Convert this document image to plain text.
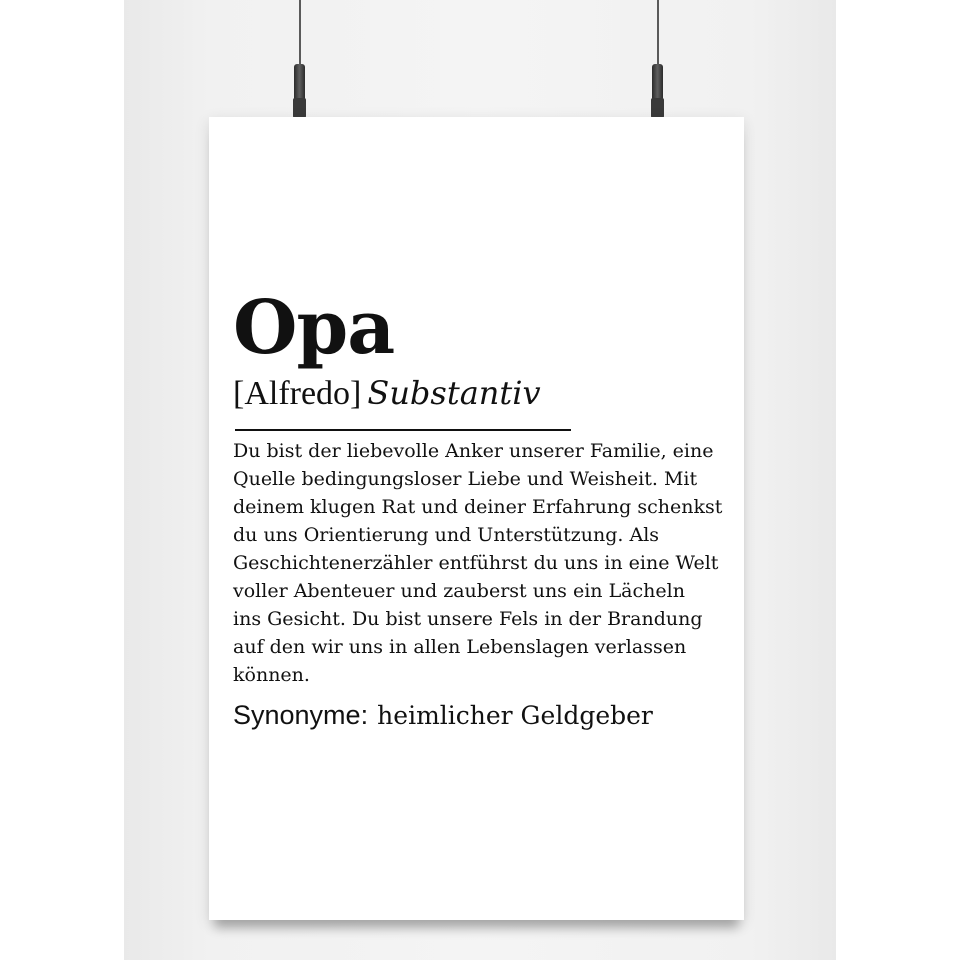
Opa
[Alfredo] Substantiv
Du bist der liebevolle Anker unserer Familie, eine
Quelle bedingungsloser Liebe und Weisheit. Mit
deinem klugen Rat und deiner Erfahrung schenkst
du uns Orientierung und Unterstützung. Als
Geschichtenerzähler entführst du uns in eine Welt
voller Abenteuer und zauberst uns ein Lächeln
ins Gesicht. Du bist unsere Fels in der Brandung
auf den wir uns in allen Lebenslagen verlassen
können.
Synonyme: heimlicher Geldgeber
